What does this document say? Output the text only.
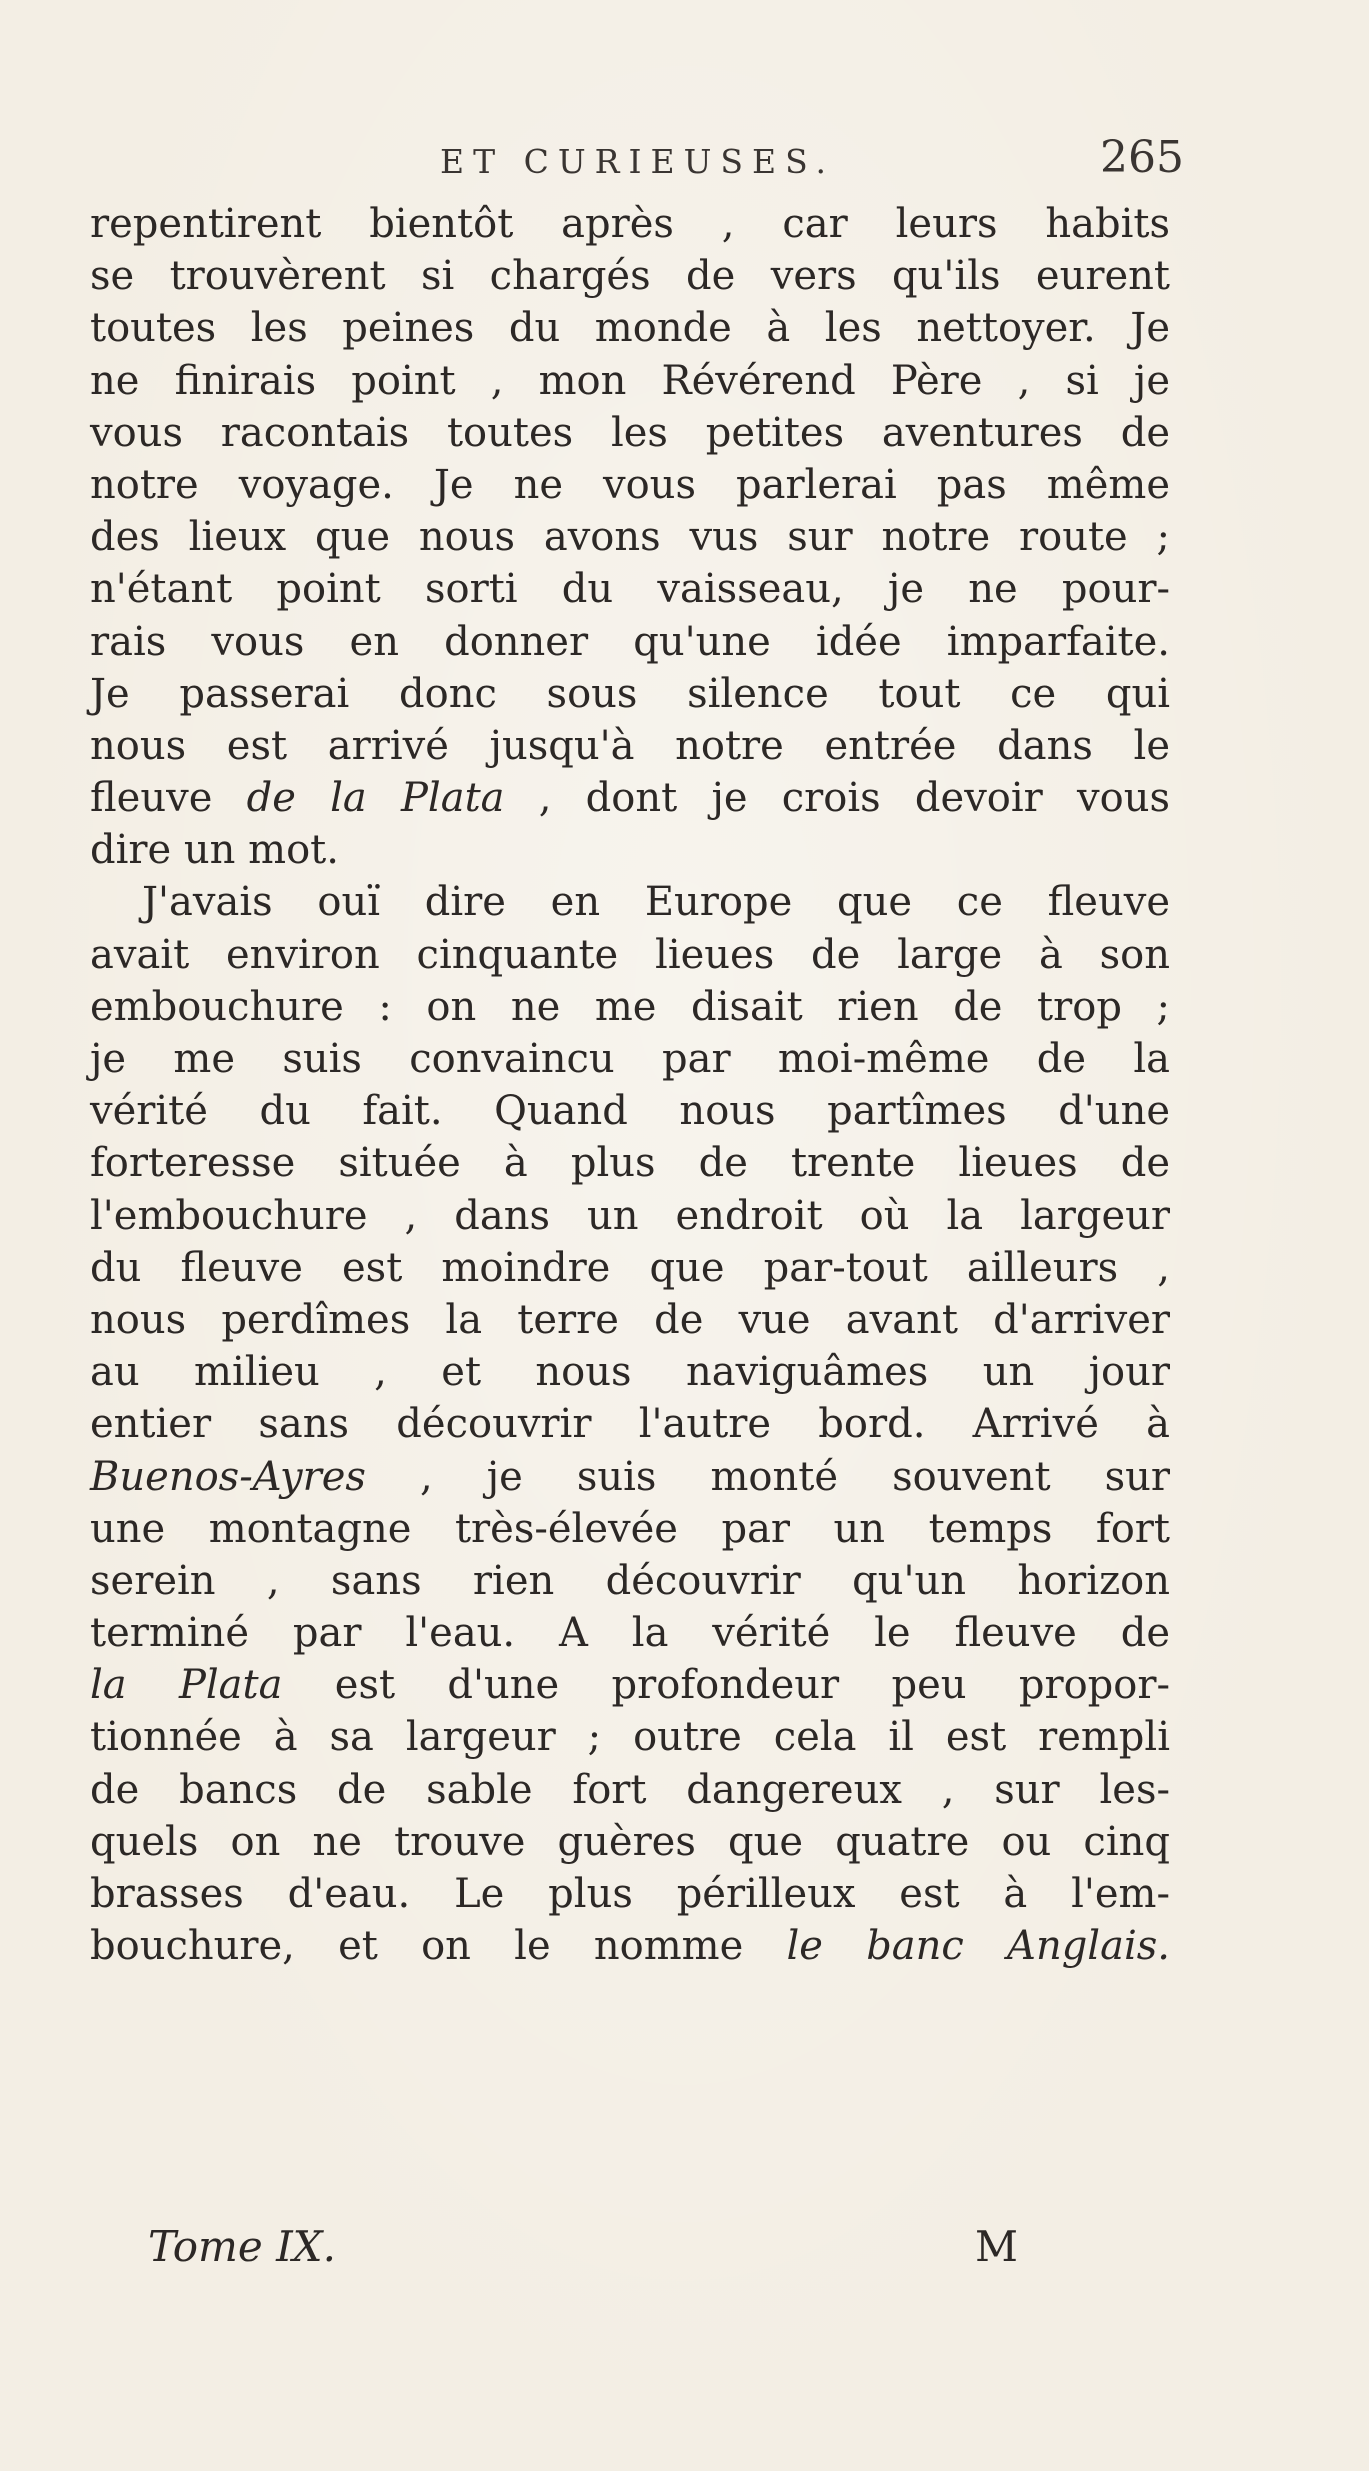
ET CURIEUSES.	265
repentirent bientôt après , car leurs habits
se trouvèrent si chargés de vers qu'ils eurent
toutes les peines du monde à les nettoyer. Je
ne finirais point , mon Révérend Père , si je
vous racontais toutes les petites aventures de
notre voyage. Je ne vous parlerai pas même
des lieux que nous avons vus sur notre route ;
n'étant point sorti du vaisseau, je ne pour-
rais vous en donner qu'une idée imparfaite.
Je passerai donc sous silence tout ce qui
nous est arrivé jusqu'à notre entrée dans le
fleuve de la Plata , dont je crois devoir vous
dire un mot.
J'avais ouï dire en Europe que ce fleuve
avait environ cinquante lieues de large à son
embouchure : on ne me disait rien de trop ;
je me suis convaincu par moi-même de la
vérité du fait. Quand nous partîmes d'une
forteresse située à plus de trente lieues de
l'embouchure , dans un endroit où la largeur
du fleuve est moindre que par-tout ailleurs ,
nous perdîmes la terre de vue avant d'arriver
au milieu , et nous naviguâmes un jour
entier sans découvrir l'autre bord. Arrivé à
Buenos-Ayres , je suis monté souvent sur
une montagne très-élevée par un temps fort
serein , sans rien découvrir qu'un horizon
terminé par l'eau. A la vérité le fleuve de
la Plata est d'une profondeur peu propor-
tionnée à sa largeur ; outre cela il est rempli
de bancs de sable fort dangereux , sur les-
quels on ne trouve guères que quatre ou cinq
brasses d'eau. Le plus périlleux est à l'em-
bouchure, et on le nomme le banc Anglais.
Tome IX.	M
